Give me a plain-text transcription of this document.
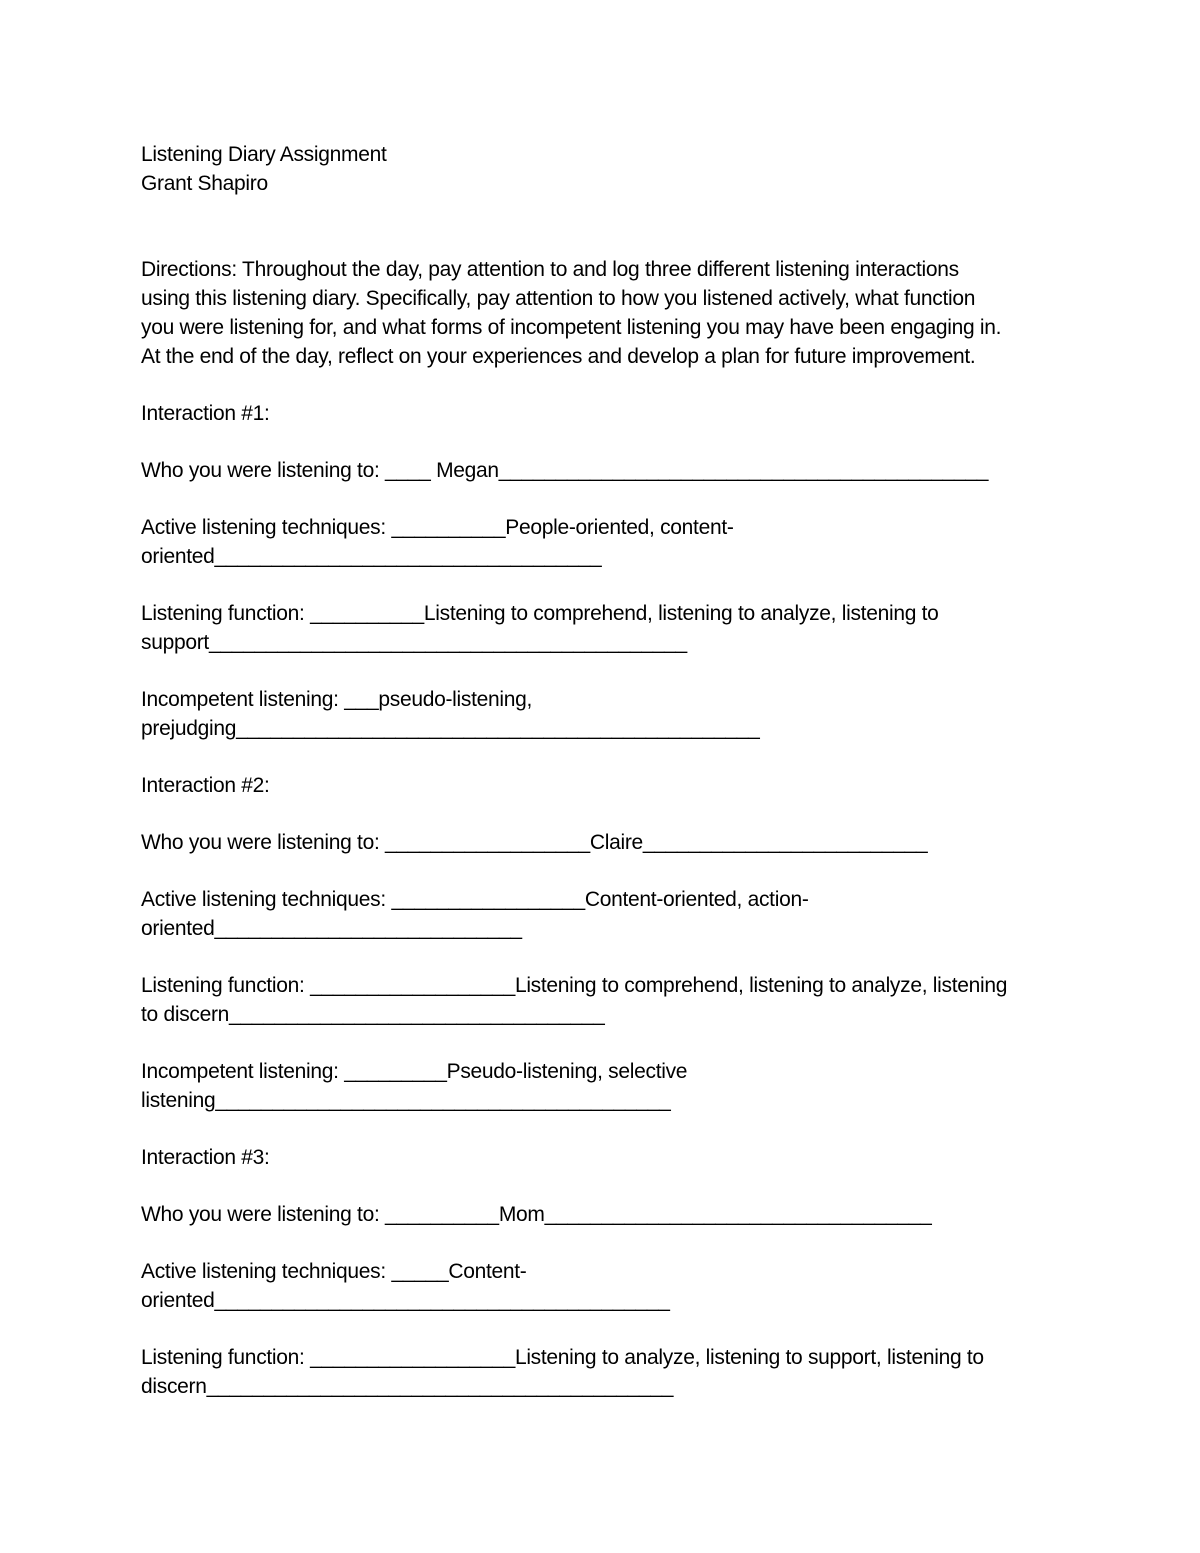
Listening Diary Assignment
Grant Shapiro
Directions: Throughout the day, pay attention to and log three different listening interactions
using this listening diary. Specifically, pay attention to how you listened actively, what function
you were listening for, and what forms of incompetent listening you may have been engaging in.
At the end of the day, reflect on your experiences and develop a plan for future improvement.
Interaction #1:
Who you were listening to: ____ Megan___________________________________________
Active listening techniques: __________People-oriented, content-
oriented__________________________________
Listening function: __________Listening to comprehend, listening to analyze, listening to
support__________________________________________
Incompetent listening: ___pseudo-listening,
prejudging______________________________________________
Interaction #2:
Who you were listening to: __________________Claire_________________________
Active listening techniques: _________________Content-oriented, action-
oriented___________________________
Listening function: __________________Listening to comprehend, listening to analyze, listening
to discern_________________________________
Incompetent listening: _________Pseudo-listening, selective
listening________________________________________
Interaction #3:
Who you were listening to: __________Mom__________________________________
Active listening techniques: _____Content-
oriented________________________________________
Listening function: __________________Listening to analyze, listening to support, listening to
discern_________________________________________
